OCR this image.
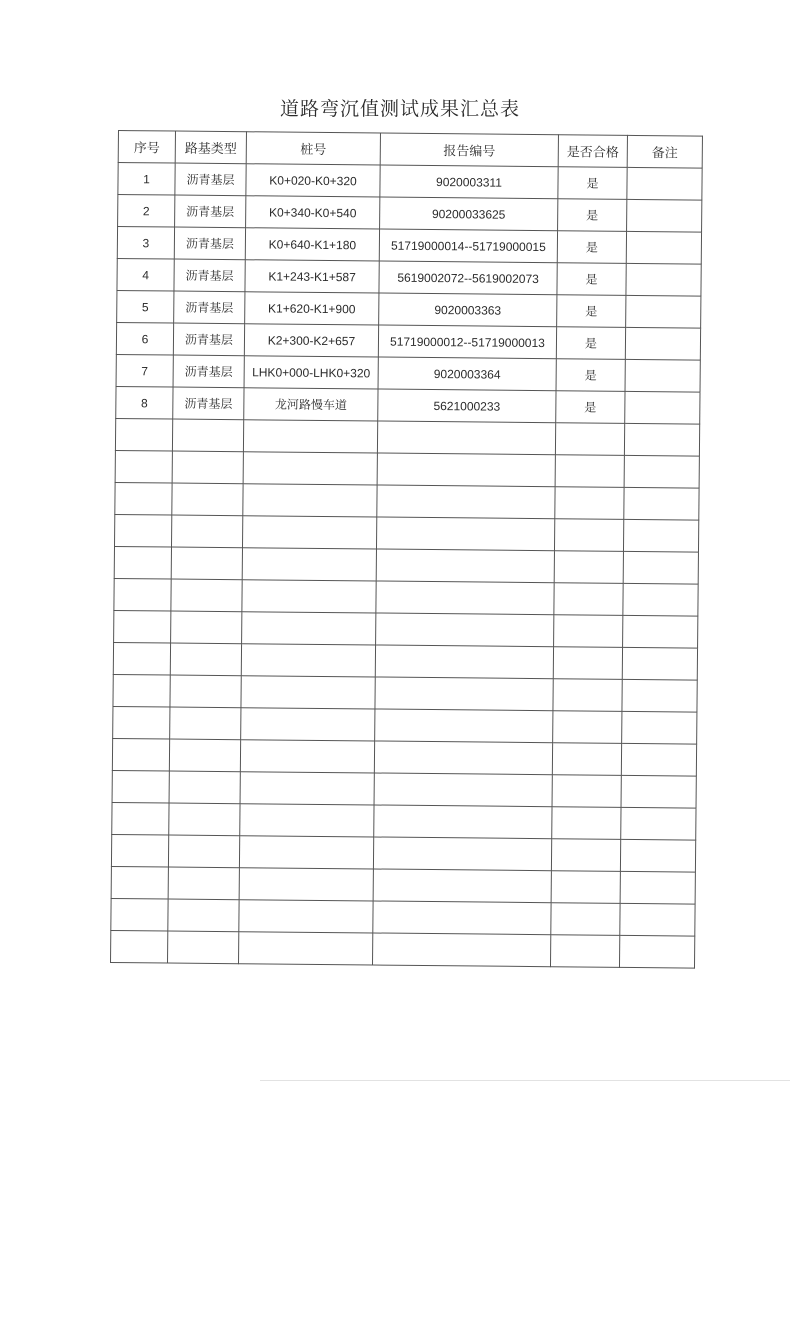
道路弯沉值测试成果汇总表
序号	路基类型	桩号	报告编号	是否合格	备注
1	沥青基层	K0+020-K0+320	9020003311	是	
2	沥青基层	K0+340-K0+540	90200033625	是	
3	沥青基层	K0+640-K1+180	51719000014--51719000015	是	
4	沥青基层	K1+243-K1+587	5619002072--5619002073	是	
5	沥青基层	K1+620-K1+900	9020003363	是	
6	沥青基层	K2+300-K2+657	51719000012--51719000013	是	
7	沥青基层	LHK0+000-LHK0+320	9020003364	是	
8	沥青基层	龙河路慢车道	5621000233	是	
